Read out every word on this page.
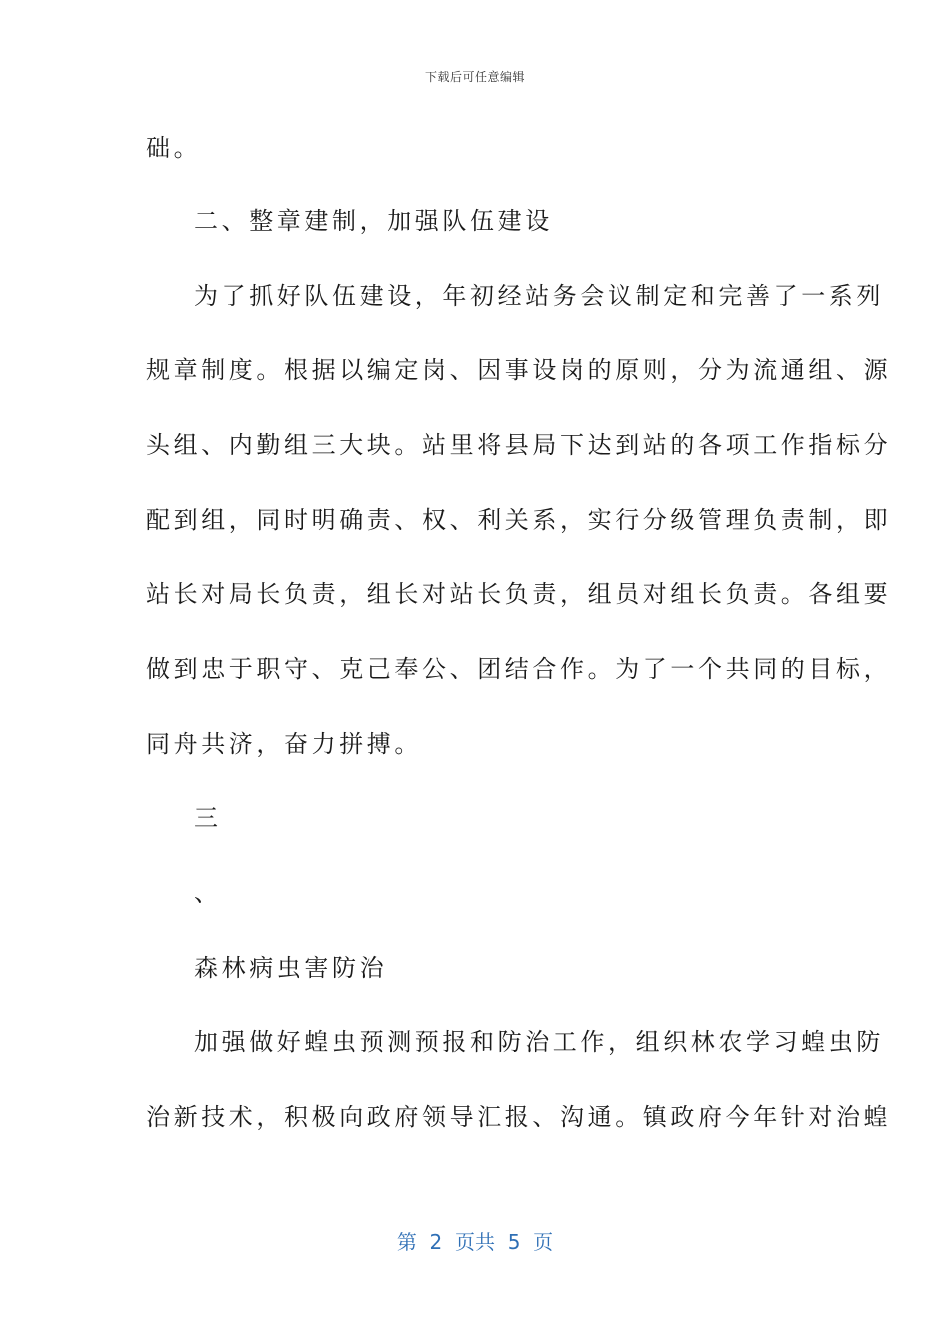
下载后可任意编辑
础。
二、整章建制，加强队伍建设
为了抓好队伍建设，年初经站务会议制定和完善了一系列
规章制度。根据以编定岗、因事设岗的原则，分为流通组、源
头组、内勤组三大块。站里将县局下达到站的各项工作指标分
配到组，同时明确责、权、利关系，实行分级管理负责制，即
站长对局长负责，组长对站长负责，组员对组长负责。各组要
做到忠于职守、克己奉公、团结合作。为了一个共同的目标，
同舟共济，奋力拼搏。
三
、
森林病虫害防治
加强做好蝗虫预测预报和防治工作，组织林农学习蝗虫防
治新技术，积极向政府领导汇报、沟通。镇政府今年针对治蝗
第  2  页共  5  页
